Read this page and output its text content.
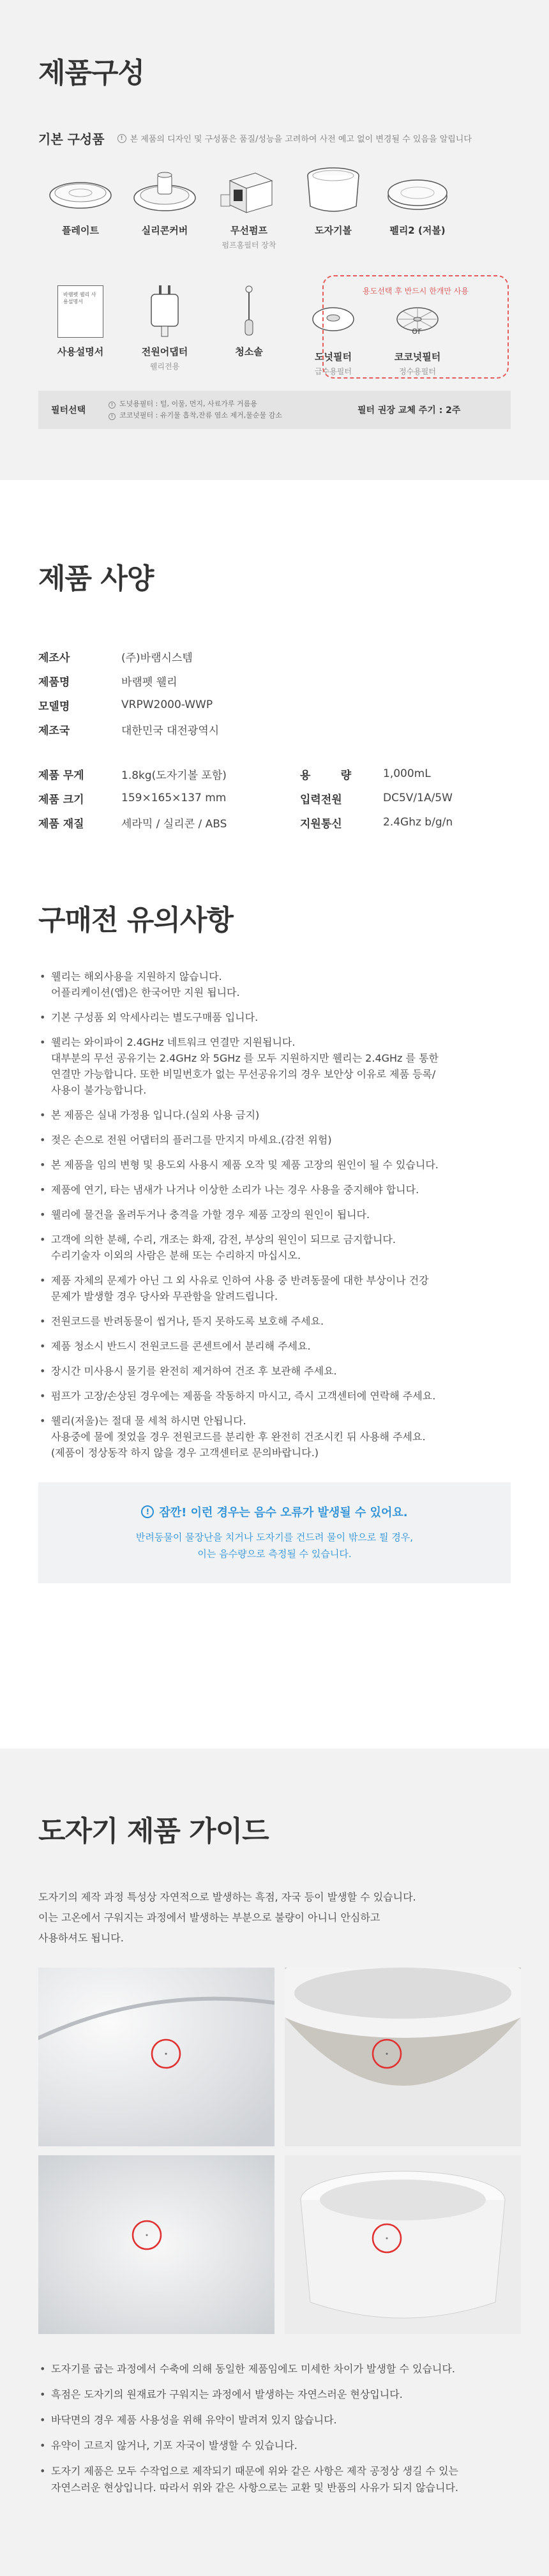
제품구성
기본 구성품	! 본 제품의 디자인 및 구성품은 품질/성능을 고려하여 사전 예고 없이 변경될 수 있음을 알립니다
플레이트	실리콘커버	무선펌프
펌프홈필터 장착
도자기볼	펠리2 (저볼)
바램펫 웰리 사용설명서
사용설명서	전원어댑터
웰리전용
청소솔	도넛필터
급수용필터
코코넛필터
정수용필터
용도선택 후 반드시 한개만 사용
or
필터선택
! 도넛용필터 : 털, 이물, 먼지, 사료가루 거름용
! 코코넛필터 : 유기물 흡착,잔류 염소 제거,물순물 감소	필터 권장 교체 주기 : 2주
제품 사양
제조사	(주)바램시스템
제품명	바램펫 웰리
모델명	VRPW2000-WWP
제조국	대한민국 대전광역시
제품 무게	1.8kg(도자기볼 포함)	용        량	1,000mL
제품 크기	159×165×137 mm	입력전원	DC5V/1A/5W
제품 재질	세라믹 / 실리콘 / ABS	지원통신	2.4Ghz b/g/n
구매전 유의사항
• 웰리는 해외사용을 지원하지 않습니다.
어플리케이션(앱)은 한국어만 지원 됩니다.
• 기본 구성품 외 악세사리는 별도구매품 입니다.
• 웰리는 와이파이 2.4GHz 네트워크 연결만 지원됩니다.
대부분의 무선 공유기는 2.4GHz 와 5GHz 를 모두 지원하지만 웰리는 2.4GHz 를 통한
연결만 가능합니다. 또한 비밀번호가 없는 무선공유기의 경우 보안상 이유로 제품 등록/
사용이 불가능합니다.
• 본 제품은 실내 가정용 입니다.(실외 사용 금지)
• 젖은 손으로 전원 어댑터의 플러그를 만지지 마세요.(감전 위험)
• 본 제품을 임의 변형 및 용도외 사용시 제품 오작 및 제품 고장의 원인이 될 수 있습니다.
• 제품에 연기, 타는 냄새가 나거나 이상한 소리가 나는 경우 사용을 중지해야 합니다.
• 웰리에 물건을 올려두거나 충격을 가할 경우 제품 고장의 원인이 됩니다.
• 고객에 의한 분해, 수리, 개조는 화재, 감전, 부상의 원인이 되므로 금지합니다.
수리기술자 이외의 사람은 분해 또는 수리하지 마십시오.
• 제품 자체의 문제가 아닌 그 외 사유로 인하여 사용 중 반려동물에 대한 부상이나 건강
문제가 발생할 경우 당사와 무관함을 알려드립니다.
• 전원코드를 반려동물이 씹거나, 뜯지 못하도록 보호해 주세요.
• 제품 청소시 반드시 전원코드를 콘센트에서 분리해 주세요.
• 장시간 미사용시 물기를 완전히 제거하여 건조 후 보관해 주세요.
• 펌프가 고장/손상된 경우에는 제품을 작동하지 마시고, 즉시 고객센터에 연락해 주세요.
• 웰리(저울)는 절대 물 세척 하시면 안됩니다.
사용중에 물에 젖었을 경우 전원코드를 분리한 후 완전히 건조시킨 뒤 사용해 주세요.
(제품이 정상동작 하지 않을 경우 고객센터로 문의바랍니다.)
! 잠깐! 이런 경우는 음수 오류가 발생될 수 있어요.
반려동물이 물장난을 치거나 도자기를 건드려 물이 밖으로 튈 경우,
이는 음수량으로 측정될 수 있습니다.
도자기 제품 가이드
도자기의 제작 과정 특성상 자연적으로 발생하는 흑점, 자국 등이 발생할 수 있습니다.
이는 고온에서 구워지는 과정에서 발생하는 부분으로 불량이 아니니 안심하고
사용하셔도 됩니다.
• 도자기를 굽는 과정에서 수축에 의해 동일한 제품임에도 미세한 차이가 발생할 수 있습니다.
• 흑점은 도자기의 원재료가 구워지는 과정에서 발생하는 자연스러운 현상입니다.
• 바닥면의 경우 제품 사용성을 위해 유약이 발려져 있지 않습니다.
• 유약이 고르지 않거나, 기포 자국이 발생할 수 있습니다.
• 도자기 제품은 모두 수작업으로 제작되기 때문에 위와 같은 사항은 제작 공정상 생길 수 있는
자연스러운 현상입니다. 따라서 위와 같은 사항으로는 교환 및 반품의 사유가 되지 않습니다.
